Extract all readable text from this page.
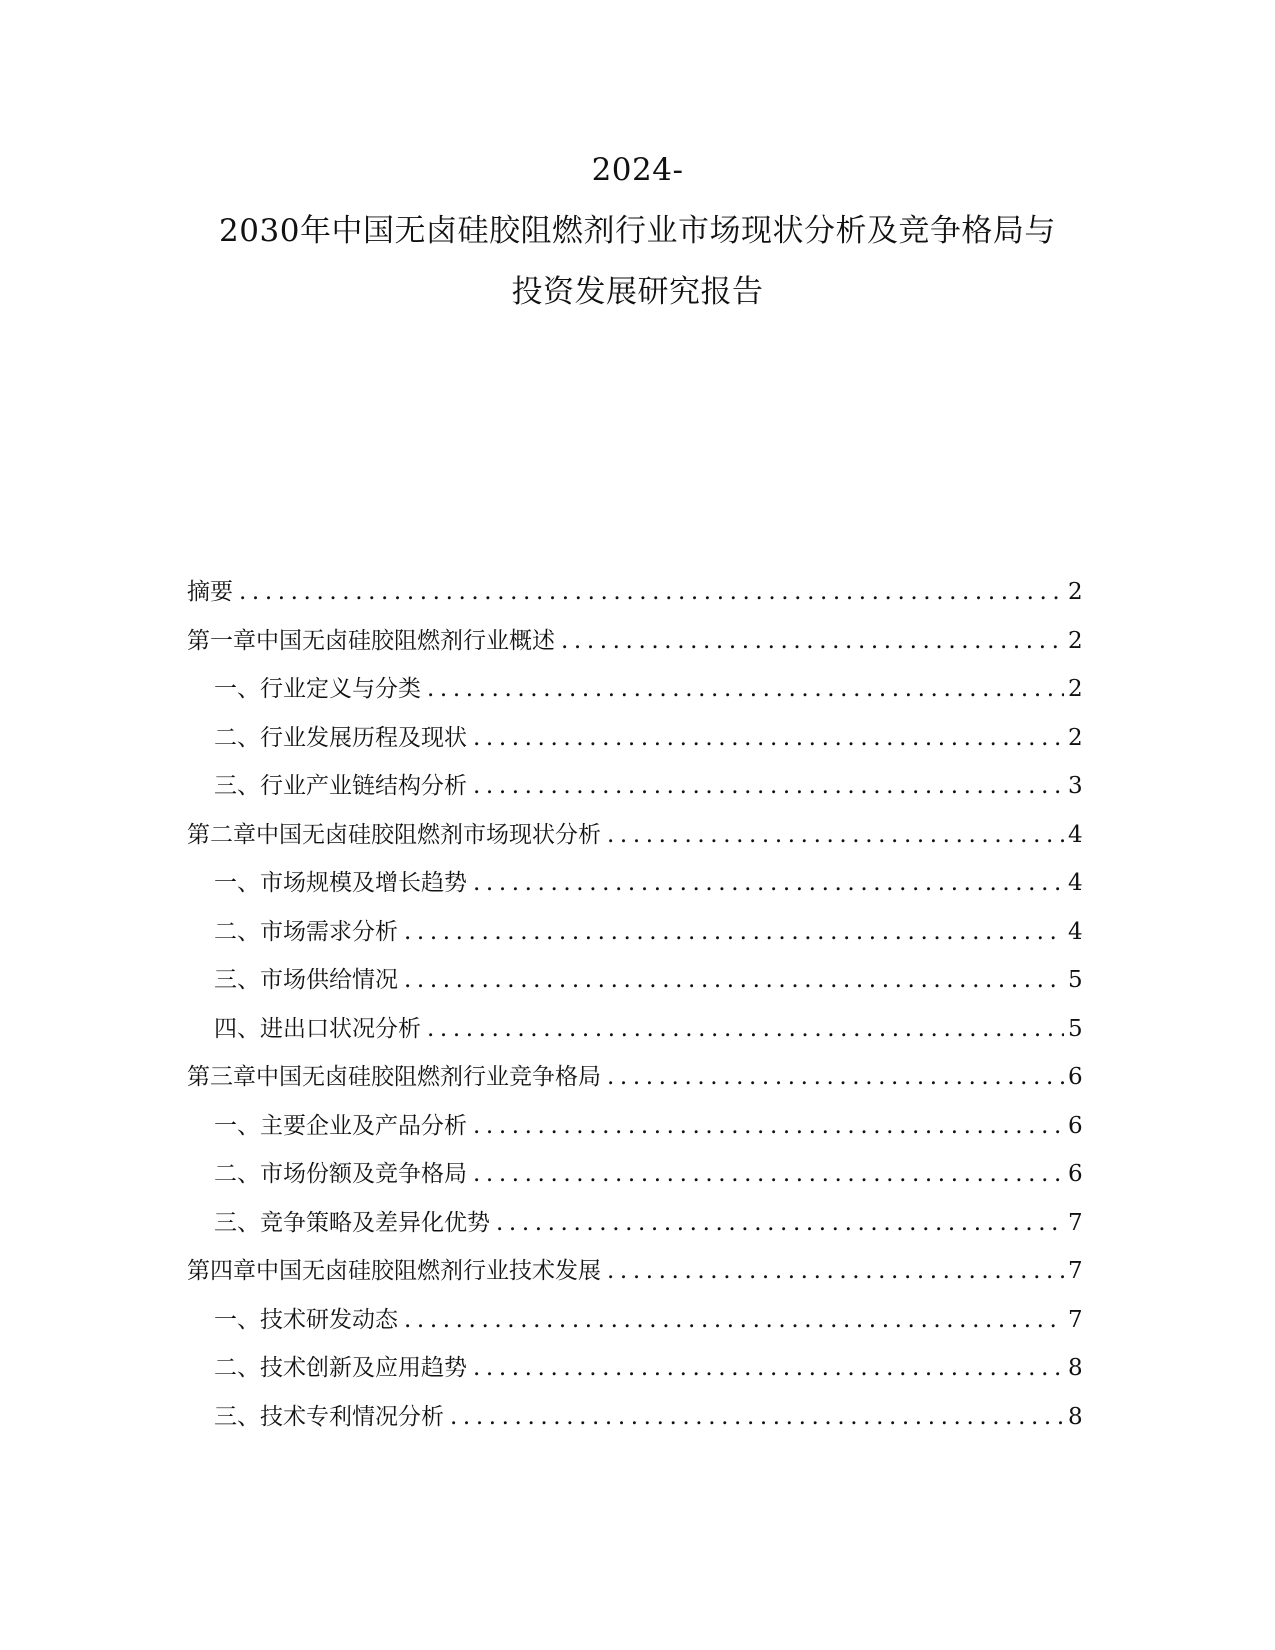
2024-
2030年中国无卤硅胶阻燃剂行业市场现状分析及竞争格局与
投资发展研究报告
摘要 .....	2
第一章 中国无卤硅胶阻燃剂行业概述 .....	2
一、 行业定义与分类 .....	2
二、 行业发展历程及现状 .....	2
三、 行业产业链结构分析 .....	3
第二章 中国无卤硅胶阻燃剂市场现状分析 .....	4
一、 市场规模及增长趋势 .....	4
二、 市场需求分析 .....	4
三、 市场供给情况 .....	5
四、 进出口状况分析 .....	5
第三章 中国无卤硅胶阻燃剂行业竞争格局 .....	6
一、 主要企业及产品分析 .....	6
二、 市场份额及竞争格局 .....	6
三、 竞争策略及差异化优势 .....	7
第四章 中国无卤硅胶阻燃剂行业技术发展 .....	7
一、 技术研发动态 .....	7
二、 技术创新及应用趋势 .....	8
三、 技术专利情况分析 .....	8
